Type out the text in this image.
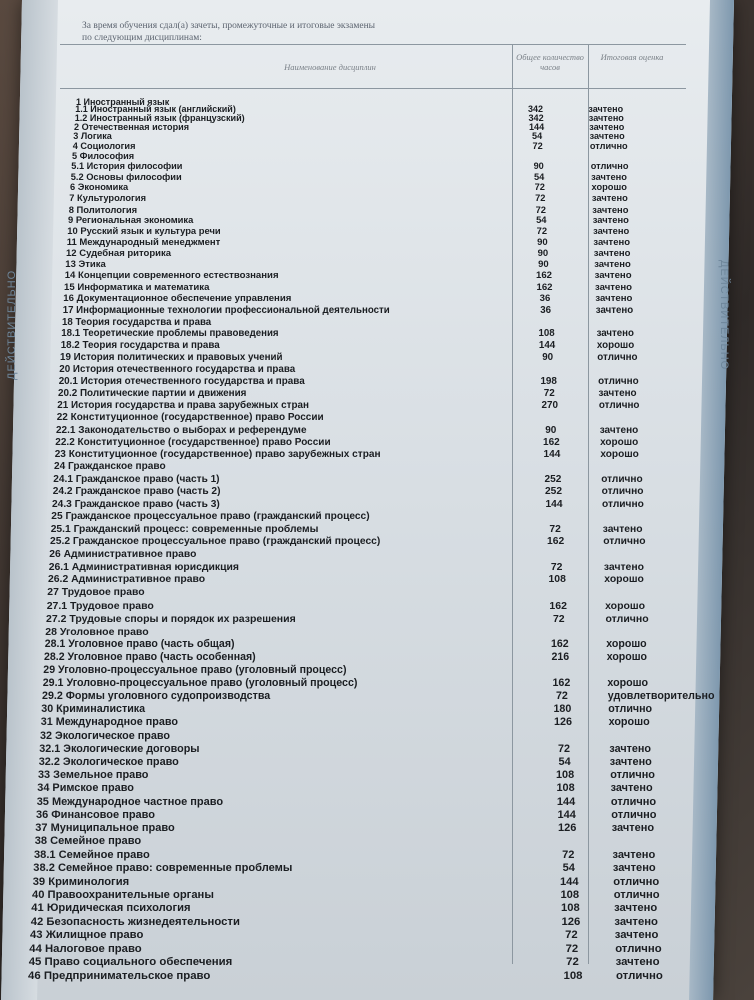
ДЕЙСТВИТЕЛЬНО	ДЕЙСТВИТЕЛЬНО
За время обучения сдал(а) зачеты, промежуточные и итоговые экзамены
по следующим дисциплинам:
Наименование дисциплин
Общее количество часов
Итоговая оценка
1 Иностранный язык
1.1 Иностранный язык (английский)	342	зачтено
1.2 Иностранный язык (французский)	342	зачтено
2 Отечественная история	144	зачтено
3 Логика	54	зачтено
4 Социология	72	отлично
5 Философия
5.1 История философии	90	отлично
5.2 Основы философии	54	зачтено
6 Экономика	72	хорошо
7 Культурология	72	зачтено
8 Политология	72	зачтено
9 Региональная экономика	54	зачтено
10 Русский язык и культура речи	72	зачтено
11 Международный менеджмент	90	зачтено
12 Судебная риторика	90	зачтено
13 Этика	90	зачтено
14 Концепции современного естествознания	162	зачтено
15 Информатика и математика	162	зачтено
16 Документационное обеспечение управления	36	зачтено
17 Информационные технологии профессиональной деятельности	36	зачтено
18 Теория государства и права
18.1 Теоретические проблемы правоведения	108	зачтено
18.2 Теория государства и права	144	хорошо
19 История политических и правовых учений	90	отлично
20 История отечественного государства и права
20.1 История отечественного государства и права	198	отлично
20.2 Политические партии и движения	72	зачтено
21 История государства и права зарубежных стран	270	отлично
22 Конституционное (государственное) право России
22.1 Законодательство о выборах и референдуме	90	зачтено
22.2 Конституционное (государственное) право России	162	хорошо
23 Конституционное (государственное) право зарубежных стран	144	хорошо
24 Гражданское право
24.1 Гражданское право (часть 1)	252	отлично
24.2 Гражданское право (часть 2)	252	отлично
24.3 Гражданское право (часть 3)	144	отлично
25 Гражданское процессуальное право (гражданский процесс)
25.1 Гражданский процесс: современные проблемы	72	зачтено
25.2 Гражданское процессуальное право (гражданский процесс)	162	отлично
26 Административное право
26.1 Административная юрисдикция	72	зачтено
26.2 Административное право	108	хорошо
27 Трудовое право
27.1 Трудовое право	162	хорошо
27.2 Трудовые споры и порядок их разрешения	72	отлично
28 Уголовное право
28.1 Уголовное право (часть общая)	162	хорошо
28.2 Уголовное право (часть особенная)	216	хорошо
29 Уголовно-процессуальное право (уголовный процесс)
29.1 Уголовно-процессуальное право (уголовный процесс)	162	хорошо
29.2 Формы уголовного судопроизводства	72	удовлетворительно
30 Криминалистика	180	отлично
31 Международное право	126	хорошо
32 Экологическое право
32.1 Экологические договоры	72	зачтено
32.2 Экологическое право	54	зачтено
33 Земельное право	108	отлично
34 Римское право	108	зачтено
35 Международное частное право	144	отлично
36 Финансовое право	144	отлично
37 Муниципальное право	126	зачтено
38 Семейное право
38.1 Семейное право	72	зачтено
38.2 Семейное право: современные проблемы	54	зачтено
39 Криминология	144	отлично
40 Правоохранительные органы	108	отлично
41 Юридическая психология	108	зачтено
42 Безопасность жизнедеятельности	126	зачтено
43 Жилищное право	72	зачтено
44 Налоговое право	72	отлично
45 Право социального обеспечения	72	зачтено
46 Предпринимательское право	108	отлично
